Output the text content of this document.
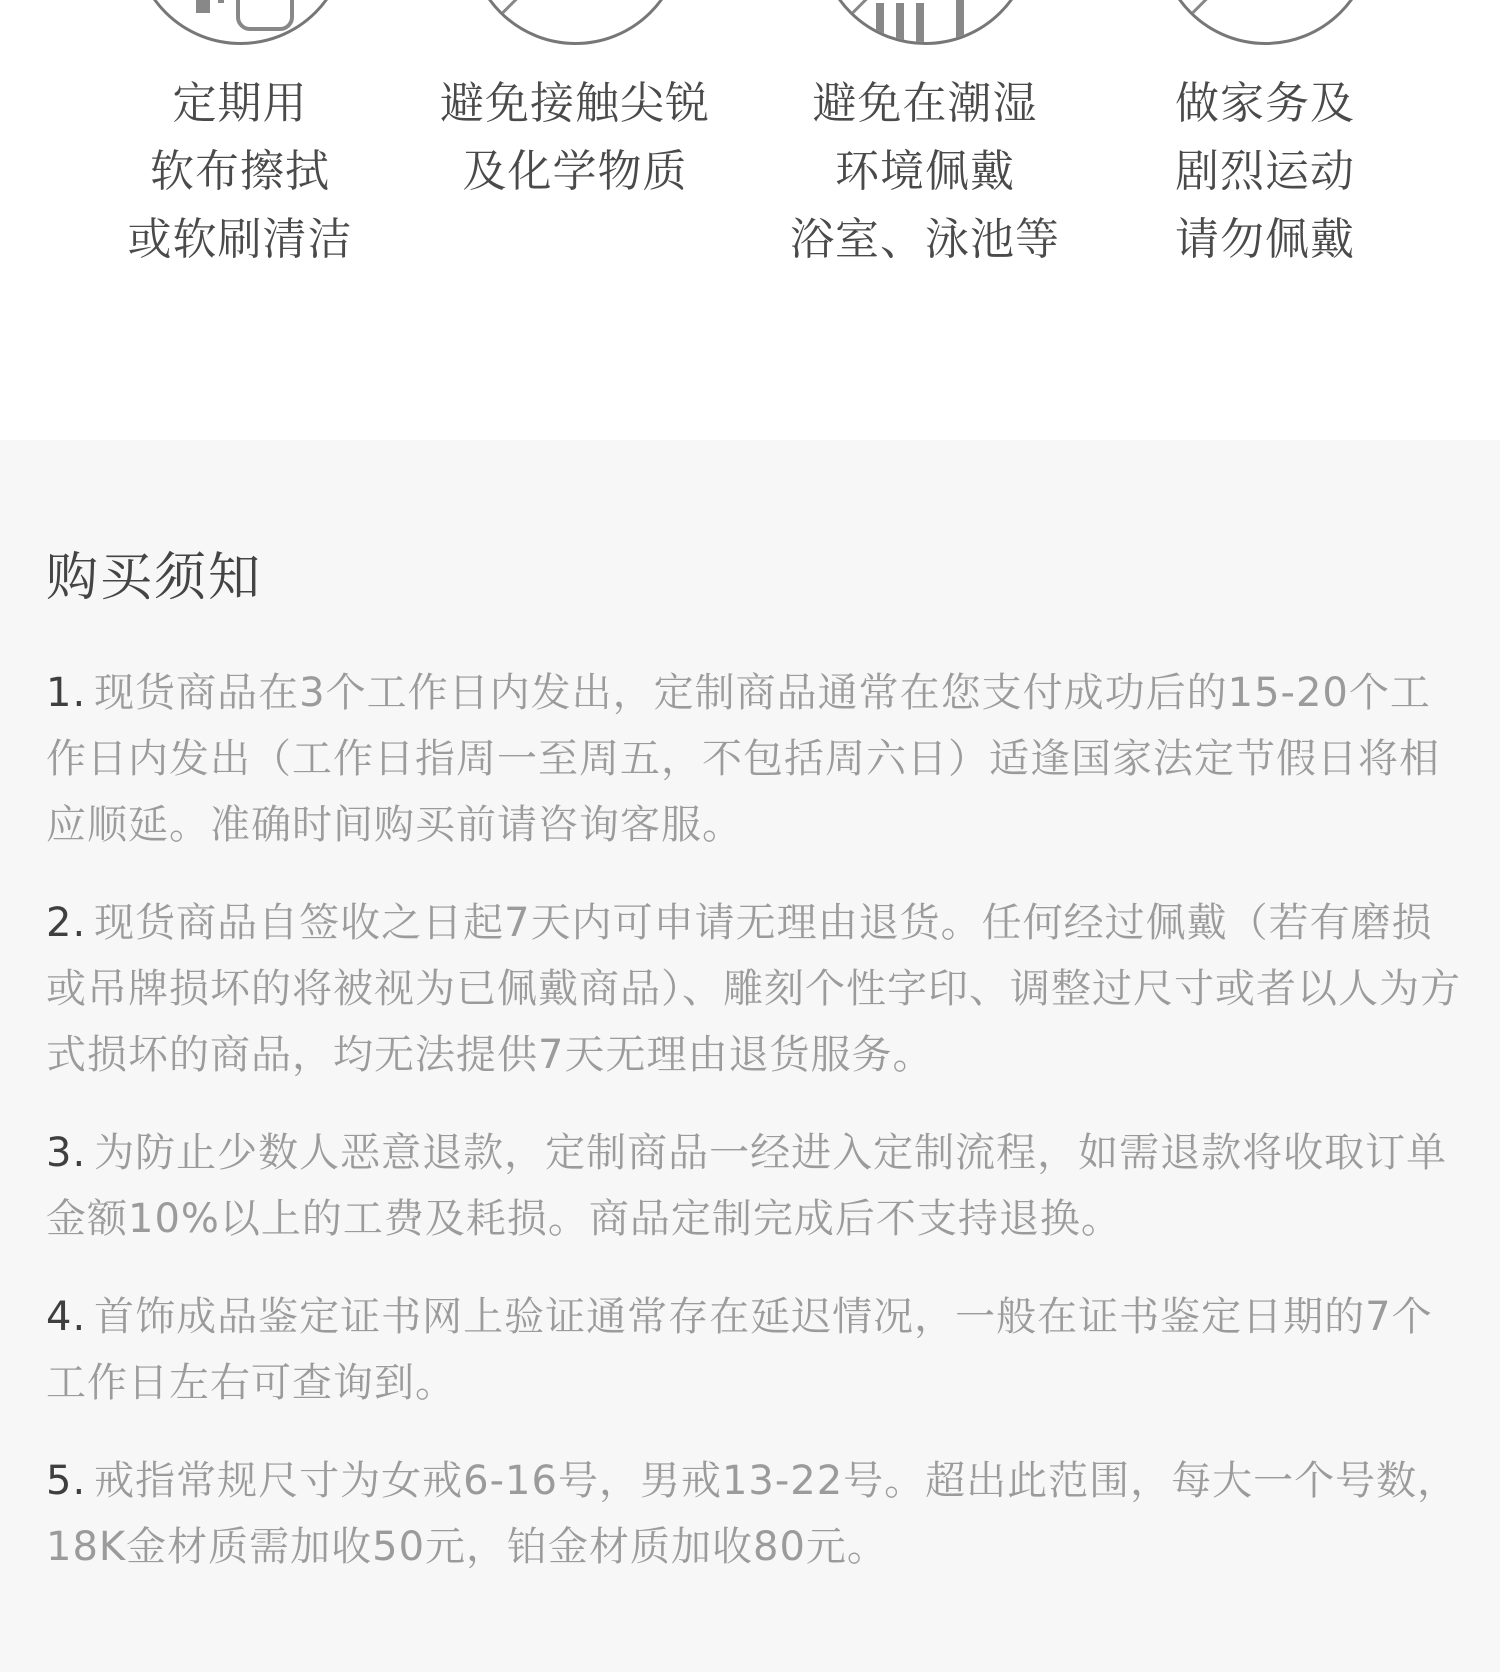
定期用
软布擦拭
或软刷清洁
避免接触尖锐
及化学物质
避免在潮湿
环境佩戴
浴室、泳池等
做家务及
剧烈运动
请勿佩戴
购买须知
1. 现货商品在3个工作日内发出，定制商品通常在您支付成功后的15-20个工作日内发出（工作日指周一至周五，不包括周六日）适逢国家法定节假日将相应顺延。准确时间购买前请咨询客服。
2. 现货商品自签收之日起7天内可申请无理由退货。任何经过佩戴（若有磨损或吊牌损坏的将被视为已佩戴商品）、雕刻个性字印、调整过尺寸或者以人为方式损坏的商品，均无法提供7天无理由退货服务。
3. 为防止少数人恶意退款，定制商品一经进入定制流程，如需退款将收取订单金额10%以上的工费及耗损。商品定制完成后不支持退换。
4. 首饰成品鉴定证书网上验证通常存在延迟情况，一般在证书鉴定日期的7个工作日左右可查询到。
5. 戒指常规尺寸为女戒6-16号，男戒13-22号。超出此范围，每大一个号数，18K金材质需加收50元，铂金材质加收80元。
